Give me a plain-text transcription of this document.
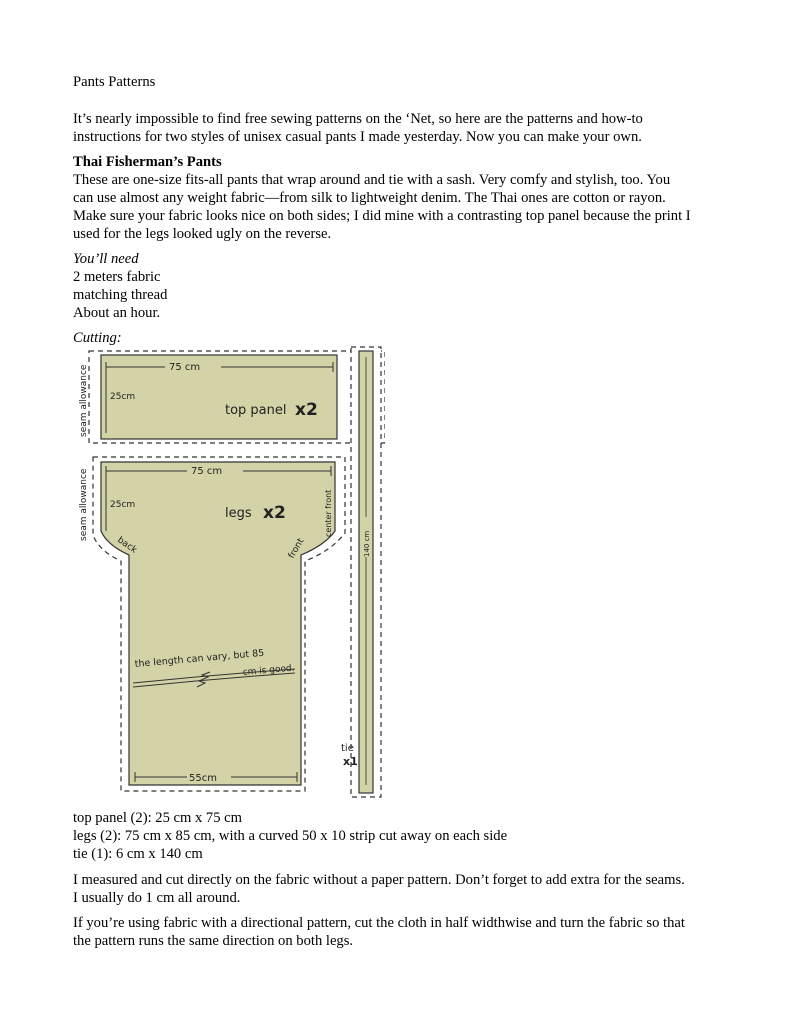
Pants Patterns

It’s nearly impossible to find free sewing patterns on the ‘Net, so here are the patterns and how-to

instructions for two styles of unisex casual pants I made yesterday. Now you can make your own.

Thai Fisherman’s Pants

These are one-size fits-all pants that wrap around and tie with a sash. Very comfy and stylish, too. You

can use almost any weight fabric—from silk to lightweight denim. The Thai ones are cotton or rayon.

Make sure your fabric looks nice on both sides; I did mine with a contrasting top panel because the print I

used for the legs looked ugly on the reverse.

You’ll need

2 meters fabric

matching thread

About an hour.

Cutting:

75 cm
25cm
top panel x2
seam allowance
75 cm
25cm
legs x2
back	front
center front
seam allowance
the length can vary, but 85
cm is good.
55cm
140 cm
tie
x1

top panel (2): 25 cm x 75 cm

legs (2): 75 cm x 85 cm, with a curved 50 x 10 strip cut away on each side

tie (1): 6 cm x 140 cm

I measured and cut directly on the fabric without a paper pattern. Don’t forget to add extra for the seams.

I usually do 1 cm all around.

If you’re using fabric with a directional pattern, cut the cloth in half widthwise and turn the fabric so that

the pattern runs the same direction on both legs.
